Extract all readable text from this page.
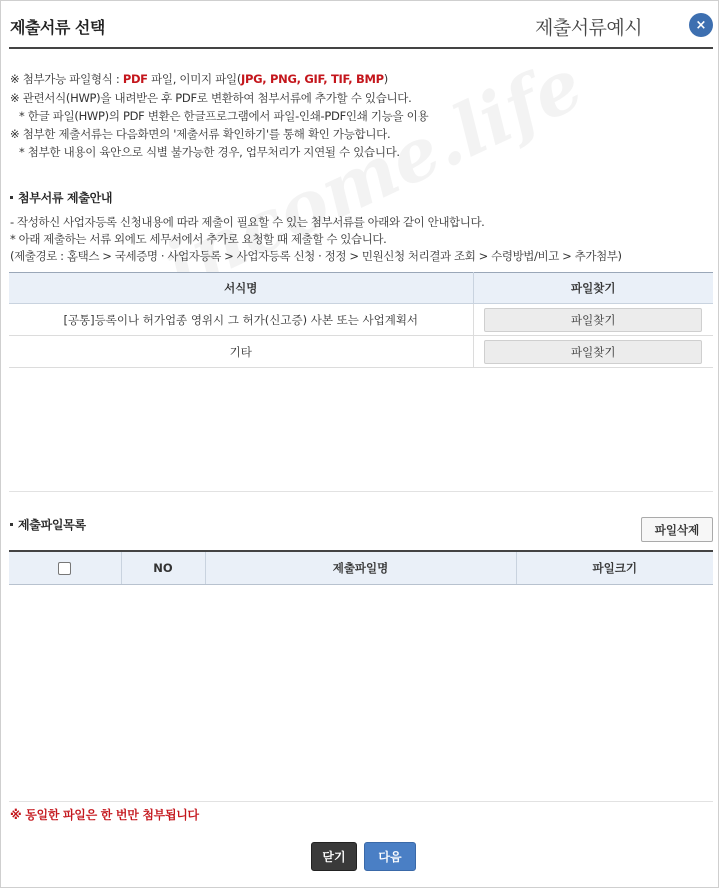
제출서류 선택	제출서류예시	×
※ 첨부가능 파일형식 : PDF 파일, 이미지 파일(JPG, PNG, GIF, TIF, BMP)
※ 관련서식(HWP)을 내려받은 후 PDF로 변환하여 첨부서류에 추가할 수 있습니다.
* 한글 파일(HWP)의 PDF 변환은 한글프로그램에서 파일-인쇄-PDF인쇄 기능을 이용
※ 첨부한 제출서류는 다음화면의 '제출서류 확인하기'를 통해 확인 가능합니다.
* 첨부한 내용이 육안으로 식별 불가능한 경우, 업무처리가 지연될 수 있습니다.
첨부서류 제출안내
- 작성하신 사업자등록 신청내용에 따라 제출이 필요할 수 있는 첨부서류를 아래와 같이 안내합니다.
* 아래 제출하는 서류 외에도 세무서에서 추가로 요청할 때 제출할 수 있습니다.
(제출경로 : 홈택스 > 국세증명 · 사업자등록 > 사업자등록 신청 · 정정 > 민원신청 처리결과 조회 > 수령방법/비고 > 추가첨부)
서식명	파일찾기
[공통]등록이나 허가업종 영위시 그 허가(신고증) 사본 또는 사업계획서	파일찾기
기타	파일찾기
제출파일목록	파일삭제
	NO	제출파일명	파일크기
※ 동일한 파일은 한 번만 첨부됩니다
닫기	다음
